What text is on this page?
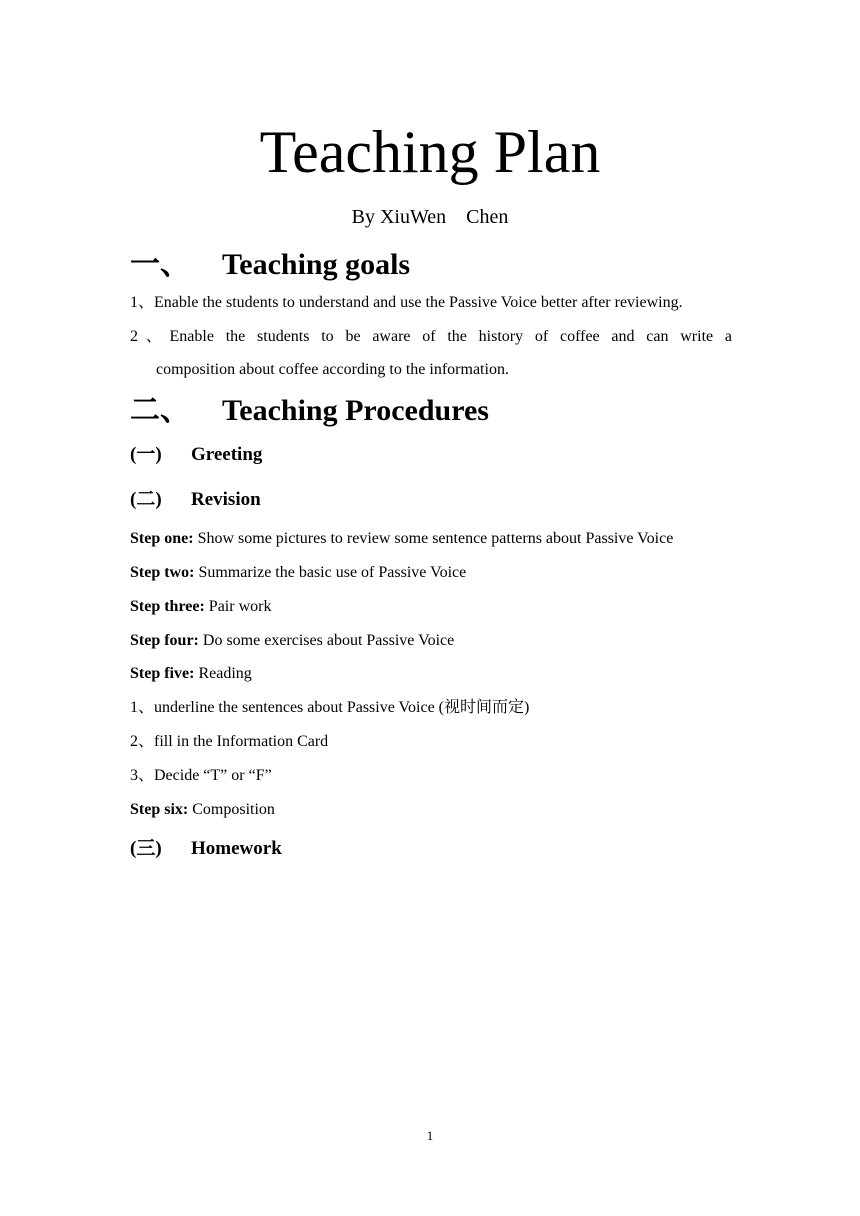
Teaching Plan
By XiuWen　Chen
一、 Teaching goals
1、Enable the students to understand and use the Passive Voice better after reviewing.
2、Enable the students to be aware of the history of coffee and can write a
composition about coffee according to the information.
二、 Teaching Procedures
(一) Greeting
(二) Revision
Step one: Show some pictures to review some sentence patterns about Passive Voice
Step two: Summarize the basic use of Passive Voice
Step three: Pair work
Step four: Do some exercises about Passive Voice
Step five: Reading
1、underline the sentences about Passive Voice (视时间而定)
2、fill in the Information Card
3、Decide “T” or “F”
Step six: Composition
(三) Homework
1
